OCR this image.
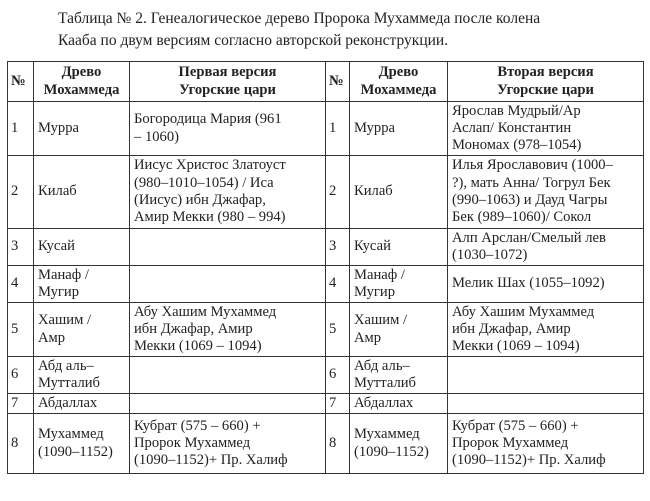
Таблица № 2. Генеалогическое дерево Пророка Мухаммеда после колена
Кааба по двум версиям согласно авторской реконструкции.
№	Древо
Мохаммеда	Первая версия
Угорские цари	№	Древо
Мохаммеда	Вторая версия
Угорские цари

1	Мурра	Богородица Мария (961
– 1060)	1	Мурра	Ярослав Мудрый/Ар
Аслап/ Константин
Мономах (978–1054)

2	Килаб	Иисус Христос Златоуст
(980–1010–1054) / Иса
(Иисус) ибн Джафар,
Амир Мекки (980 – 994)	2	Килаб	Илья Ярославович (1000–
?), мать Анна/ Тогрул Бек
(990–1063) и Дауд Чагры
Бек (989–1060)/ Сокол

3	Кусай		3	Кусай	Алп Арслан/Смелый лев
(1030–1072)

4	Манаф /
Мугир		4	Манаф /
Мугир	Мелик Шах (1055–1092)

5	Хашим /
Амр	Абу Хашим Мухаммед
ибн Джафар, Амир
Мекки (1069 – 1094)	5	Хашим /
Амр	Абу Хашим Мухаммед
ибн Джафар, Амир
Мекки (1069 – 1094)

6	Абд аль–
Мутталиб		6	Абд аль–
Мутталиб	

7	Абдаллах		7	Абдаллах	

8	Мухаммед
(1090–1152)	Кубрат (575 – 660) +
Пророк Мухаммед
(1090–1152)+ Пр. Халиф	8	Мухаммед
(1090–1152)	Кубрат (575 – 660) +
Пророк Мухаммед
(1090–1152)+ Пр. Халиф
